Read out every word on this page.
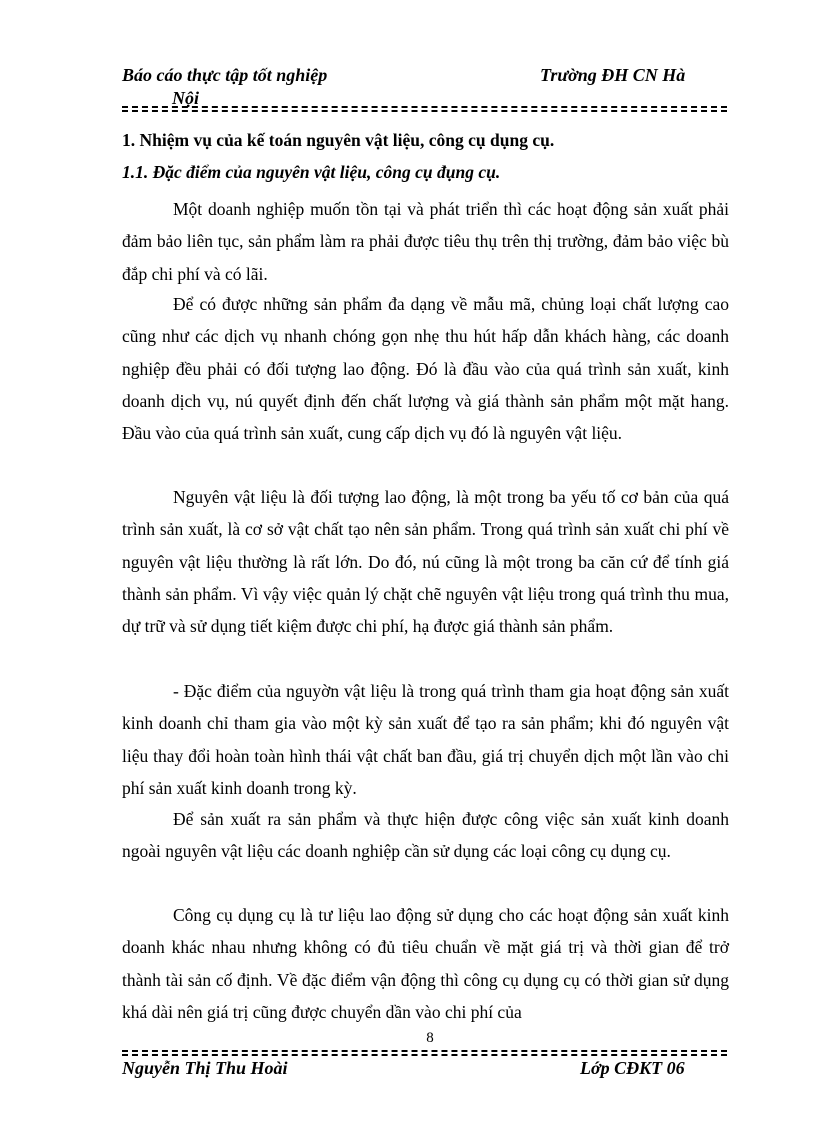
Báo cáo thực tập tốt nghiệp
Nội
Trường ĐH CN Hà
1. Nhiệm vụ của kế toán nguyên vật liệu, công cụ dụng cụ.
1.1. Đặc điểm của nguyên vật liệu, công cụ đụng cụ.

Một doanh nghiệp muốn tồn tại và phát triển thì các hoạt động sản xuất phải đảm bảo liên tục, sản phẩm làm ra phải được tiêu thụ trên thị trường, đảm bảo việc bù đắp chi phí và có lãi.

Để có được những sản phẩm đa dạng về mẫu mã, chủng loại chất lượng cao cũng như các dịch vụ nhanh chóng gọn nhẹ thu hút hấp dẫn khách hàng, các doanh nghiệp đều phải có đối tượng lao động. Đó là đầu vào của quá trình sản xuất, kinh doanh dịch vụ, nú quyết định đến chất lượng và giá thành sản phẩm một mặt hang. Đầu vào của quá trình sản xuất, cung cấp dịch vụ đó là nguyên vật liệu.

Nguyên vật liệu là đối tượng lao động, là một trong ba yếu tố cơ bản của quá trình sản xuất, là cơ sở vật chất tạo nên sản phẩm. Trong quá trình sản xuất chi phí về nguyên vật liệu thường là rất lớn. Do đó, nú cũng là một trong ba căn cứ để tính giá thành sản phẩm. Vì vậy việc quản lý chặt chẽ nguyên vật liệu trong quá trình thu mua, dự trữ và sử dụng tiết kiệm được chi phí, hạ được giá thành sản phẩm.

- Đặc điểm của nguyờn vật liệu là trong quá trình tham gia hoạt động sản xuất kinh doanh chỉ tham gia vào một kỳ sản xuất để tạo ra sản phẩm; khi đó nguyên vật liệu thay đổi hoàn toàn hình thái vật chất ban đầu, giá trị chuyển dịch một lần vào chi phí sản xuất kinh doanh trong kỳ.

Để sản xuất ra sản phẩm và thực hiện được công việc sản xuất kinh doanh ngoài nguyên vật liệu các doanh nghiệp cần sử dụng các loại công cụ dụng cụ.

Công cụ dụng cụ là tư liệu lao động sử dụng cho các hoạt động sản xuất kinh doanh khác nhau nhưng không có đủ tiêu chuẩn về mặt giá trị và thời gian để trở thành tài sản cố định. Về đặc điểm vận động thì công cụ dụng cụ có thời gian sử dụng khá dài nên giá trị cũng được chuyển dần vào chi phí của

8
Nguyễn Thị Thu Hoài	Lớp CĐKT 06
